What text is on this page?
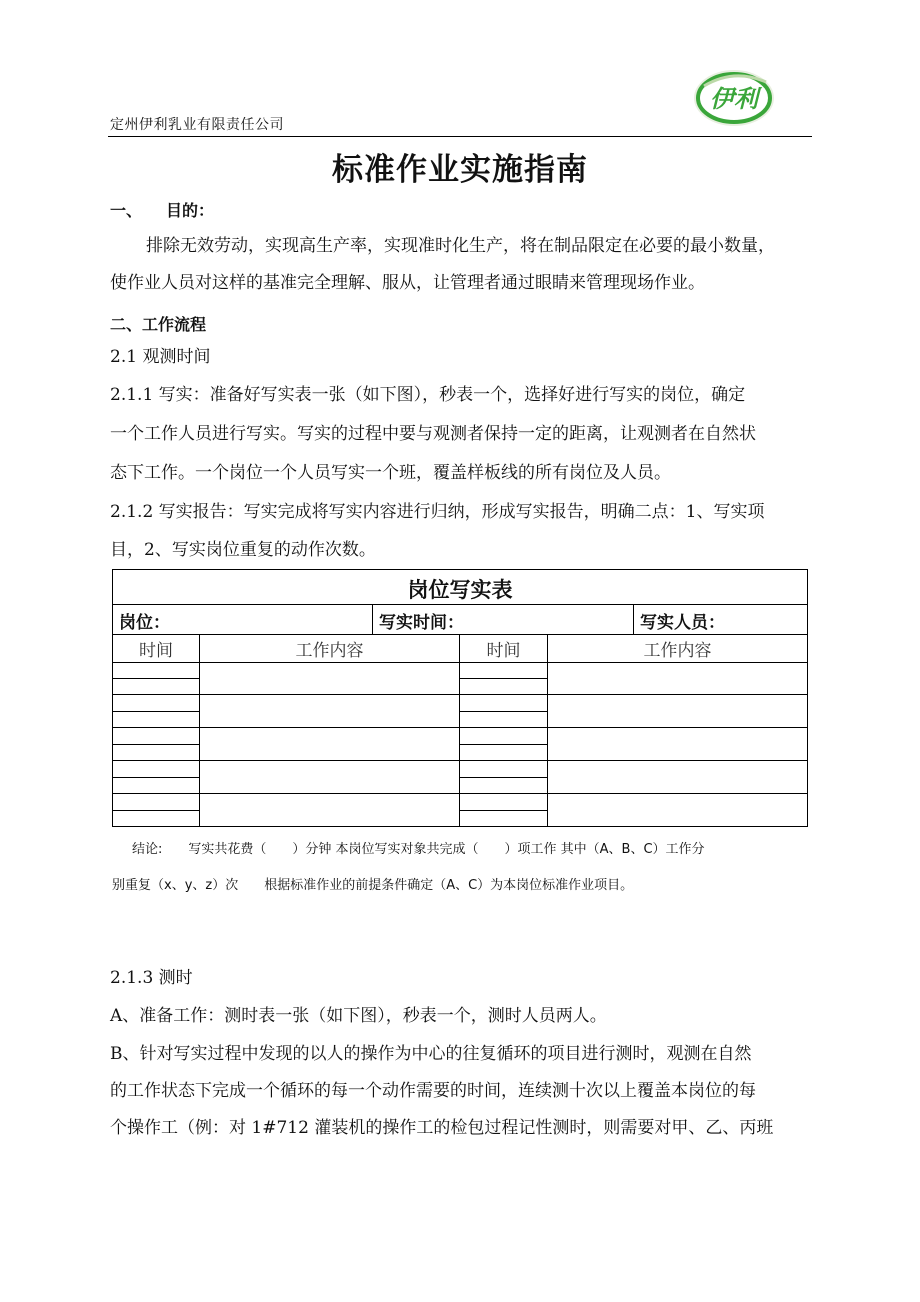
定州伊利乳业有限责任公司
伊利
标准作业实施指南
一、 目的：
排除无效劳动，实现高生产率，实现准时化生产，将在制品限定在必要的最小数量，
使作业人员对这样的基准完全理解、服从，让管理者通过眼睛来管理现场作业。
二、工作流程
2.1 观测时间
2.1.1 写实：准备好写实表一张（如下图），秒表一个，选择好进行写实的岗位，确定
一个工作人员进行写实。写实的过程中要与观测者保持一定的距离，让观测者在自然状
态下工作。一个岗位一个人员写实一个班，覆盖样板线的所有岗位及人员。
2.1.2 写实报告：写实完成将写实内容进行归纳，形成写实报告，明确二点：1、写实项
目，2、写实岗位重复的动作次数。
岗位写实表
岗位：	写实时间：	写实人员：
时间	工作内容	时间	工作内容
结论:　　写实共花费（　　）分钟 本岗位写实对象共完成（　　）项工作 其中（A、B、C）工作分
别重复（x、y、z）次　　根据标准作业的前提条件确定（A、C）为本岗位标准作业项目。
2.1.3 测时
A、准备工作：测时表一张（如下图），秒表一个，测时人员两人。
B、针对写实过程中发现的以人的操作为中心的往复循环的项目进行测时，观测在自然
的工作状态下完成一个循环的每一个动作需要的时间，连续测十次以上覆盖本岗位的每
个操作工（例：对 1#712 灌装机的操作工的检包过程记性测时，则需要对甲、乙、丙班
